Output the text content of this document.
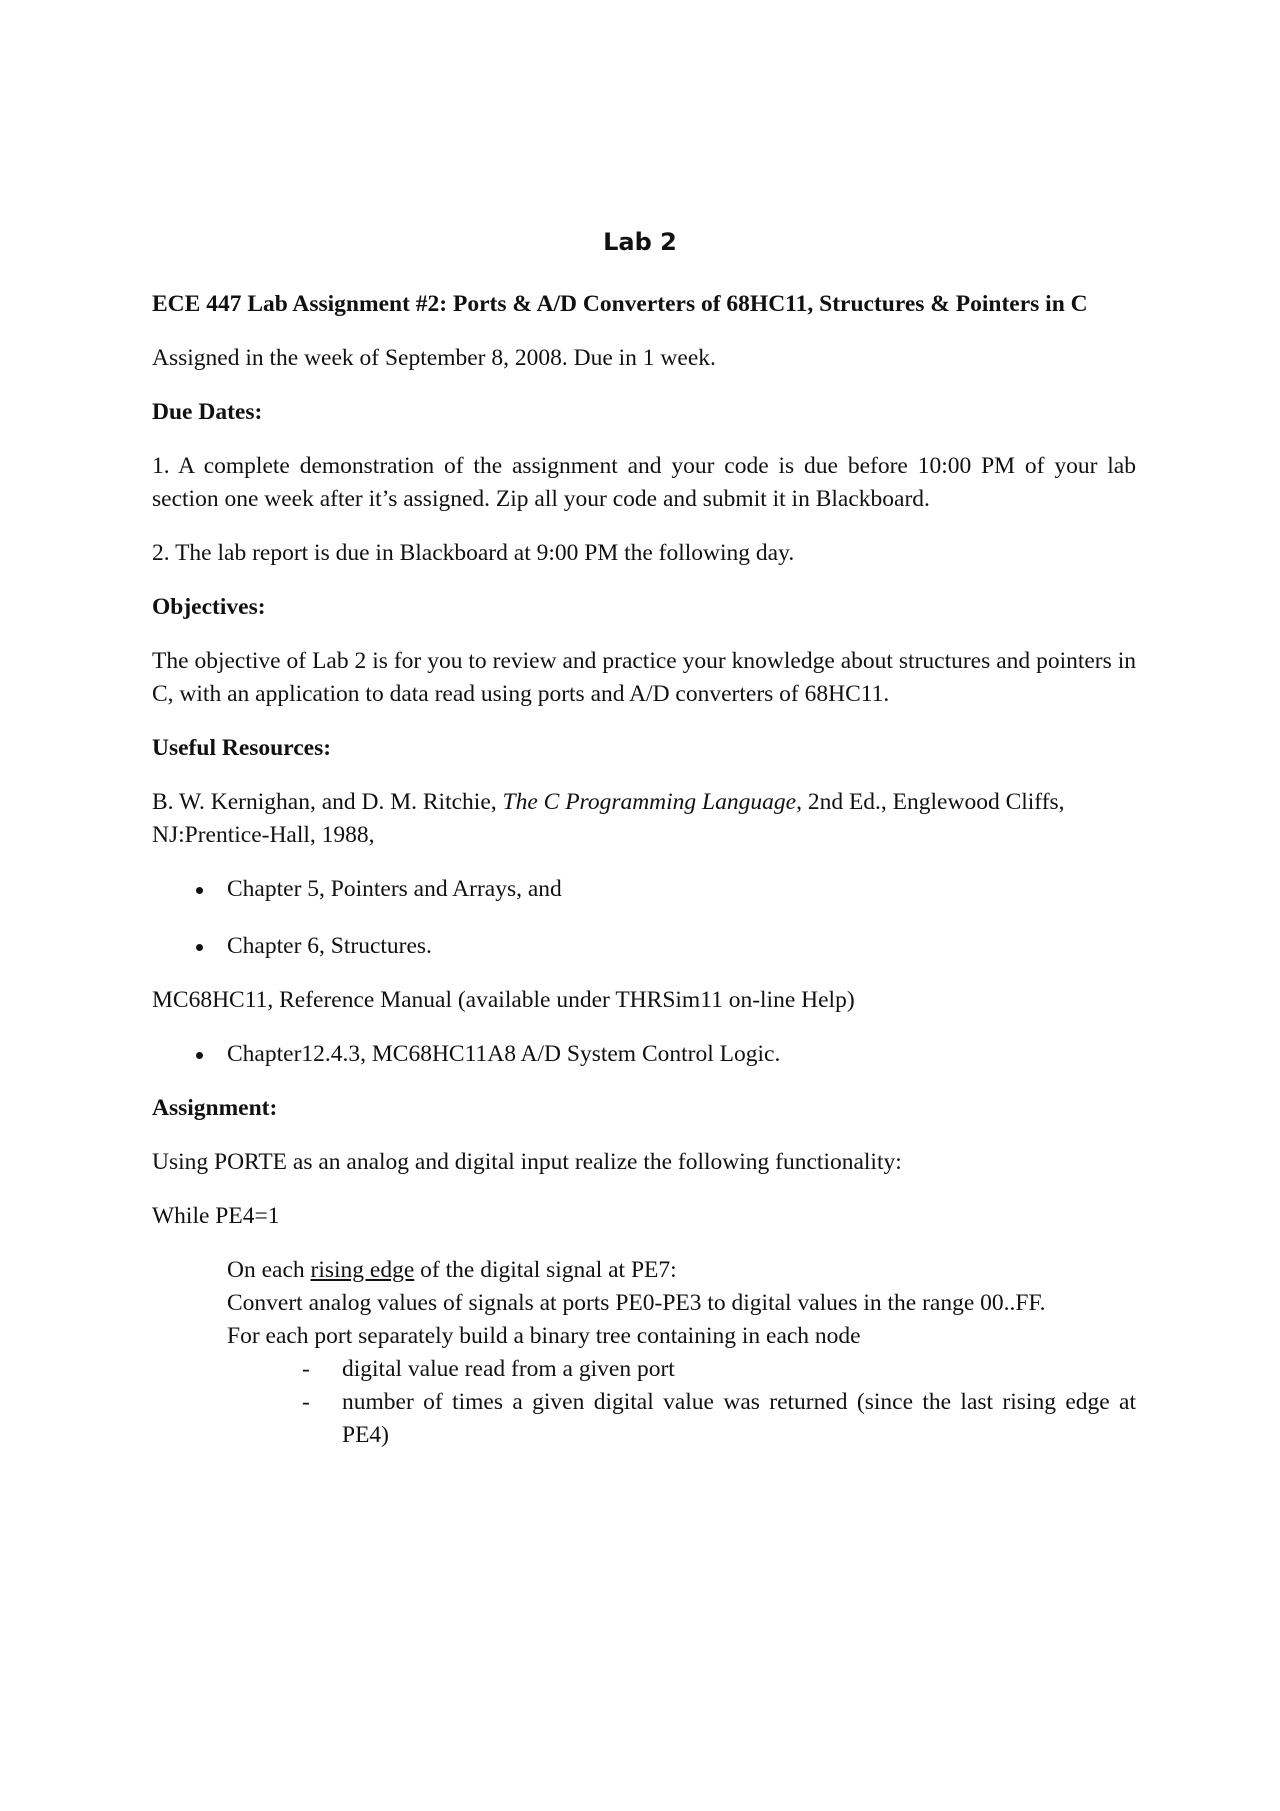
Lab 2

ECE 447 Lab Assignment #2: Ports & A/D Converters of 68HC11, Structures & Pointers in C

Assigned in the week of September 8, 2008. Due in 1 week.

Due Dates:

1. A complete demonstration of the assignment and your code is due before 10:00 PM of your lab section one week after it’s assigned. Zip all your code and submit it in Blackboard.

2. The lab report is due in Blackboard at 9:00 PM the following day.

Objectives:

The objective of Lab 2 is for you to review and practice your knowledge about structures and pointers in C, with an application to data read using ports and A/D converters of 68HC11.

Useful Resources:

B. W. Kernighan, and D. M. Ritchie, The C Programming Language, 2nd Ed., Englewood Cliffs, NJ:Prentice-Hall, 1988,

Chapter 5, Pointers and Arrays, and
Chapter 6, Structures.

MC68HC11, Reference Manual (available under THRSim11 on-line Help)

Chapter12.4.3, MC68HC11A8 A/D System Control Logic.

Assignment:

Using PORTE as an analog and digital input realize the following functionality:

While PE4=1

On each rising edge of the digital signal at PE7:
Convert analog values of signals at ports PE0-PE3 to digital values in the range 00..FF.
For each port separately build a binary tree containing in each node
- digital value read from a given port
- number of times a given digital value was returned (since the last rising edge at PE4)
